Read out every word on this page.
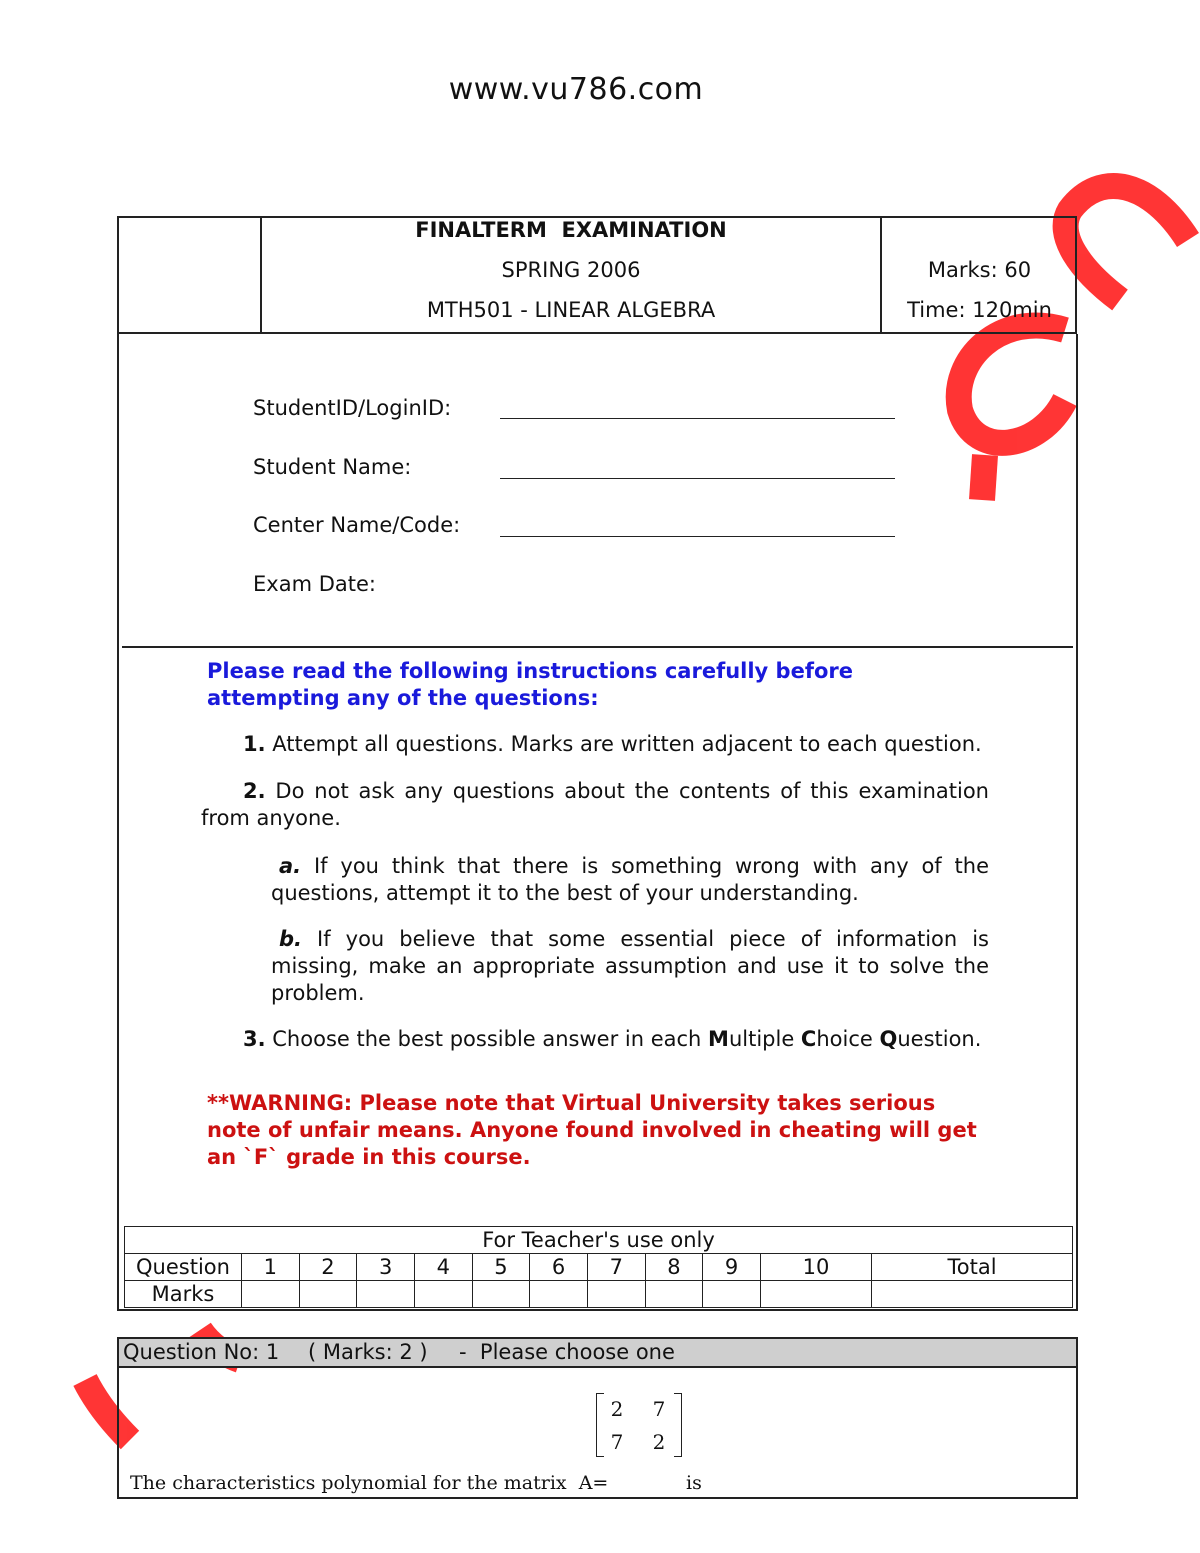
www.vu786.com
FINALTERM  EXAMINATION
SPRING 2006
MTH501 - LINEAR ALGEBRA
Marks: 60
Time: 120min
StudentID/LoginID:
Student Name:
Center Name/Code:
Exam Date:
Please read the following instructions carefully before attempting any of the questions:
1. Attempt all questions. Marks are written adjacent to each question.
2. Do not ask any questions about the contents of this examination from anyone.
a. If you think that there is something wrong with any of the questions, attempt it to the best of your understanding.
b. If you believe that some essential piece of information is missing, make an appropriate assumption and use it to solve the problem.
3. Choose the best possible answer in each Multiple Choice Question.
**WARNING: Please note that Virtual University takes serious note of unfair means. Anyone found involved in cheating will get an `F` grade in this course.
For Teacher's use only											
Question	1	2	3	4	5	6	7	8	9	10	Total
Marks											
Question No: 1 ( Marks: 2 ) -  Please choose one
2 7
7 2
The characteristics polynomial for the matrix  A=	is
